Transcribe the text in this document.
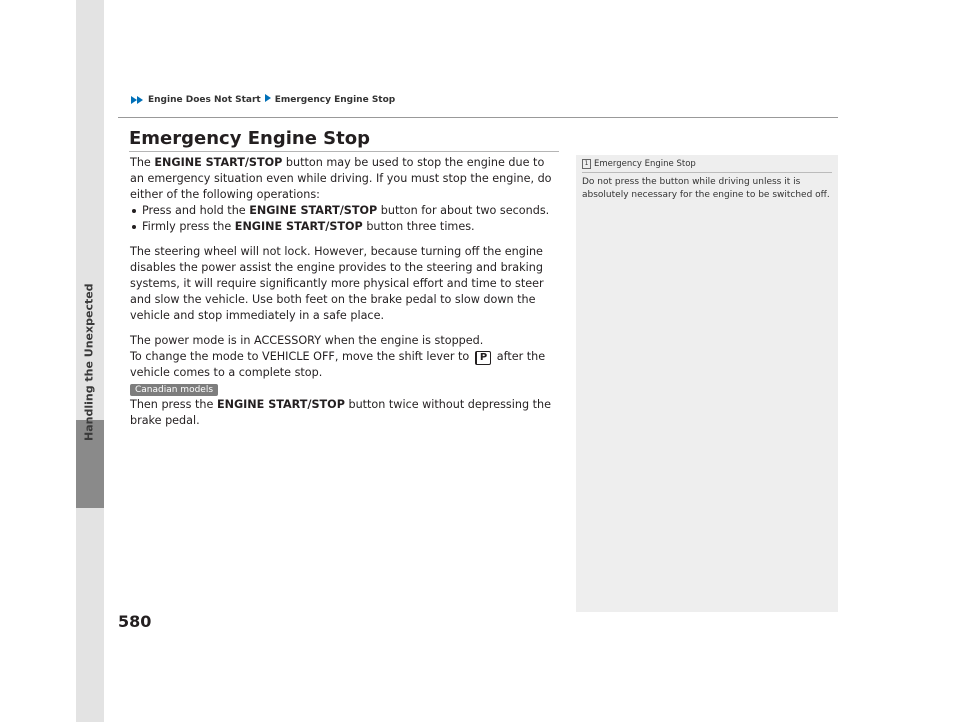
Handling the Unexpected
Engine Does Not Start Emergency Engine Stop
Emergency Engine Stop

The ENGINE START/STOP button may be used to stop the engine due to an emergency situation even while driving. If you must stop the engine, do either of the following operations:

Press and hold the ENGINE START/STOP button for about two seconds.
Firmly press the ENGINE START/STOP button three times.

The steering wheel will not lock. However, because turning off the engine disables the power assist the engine provides to the steering and braking systems, it will require significantly more physical effort and time to steer and slow the vehicle. Use both feet on the brake pedal to slow down the vehicle and stop immediately in a safe place.

The power mode is in ACCESSORY when the engine is stopped.
To change the mode to VEHICLE OFF, move the shift lever to P after the vehicle comes to a complete stop.

Canadian models

Then press the ENGINE START/STOP button twice without depressing the brake pedal.

1 Emergency Engine Stop
Do not press the button while driving unless it is absolutely necessary for the engine to be switched off.
580
